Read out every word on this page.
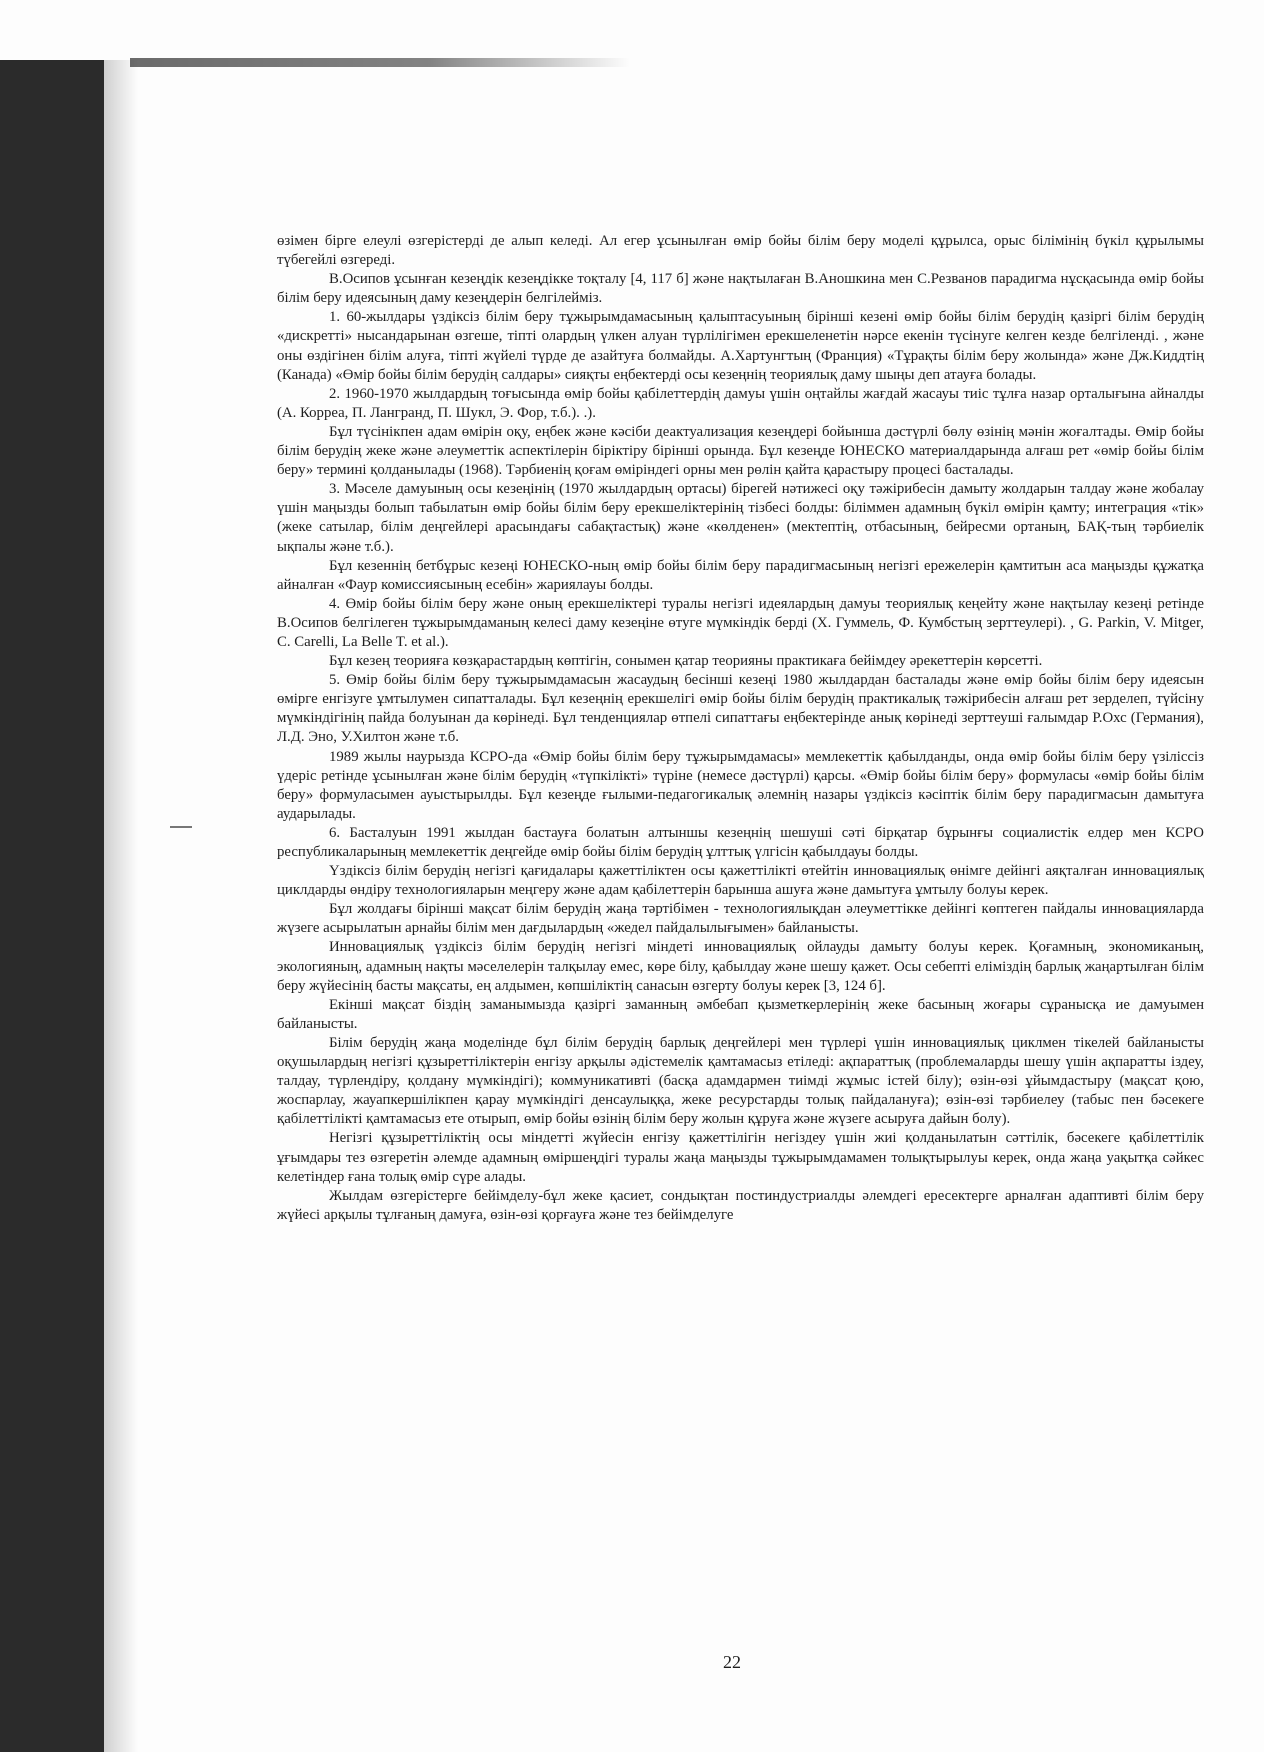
өзімен бірге елеулі өзгерістерді де алып келеді. Ал егер ұсынылған өмір бойы білім беру моделі құрылса, орыс білімінің бүкіл құрылымы түбегейлі өзгереді.

В.Осипов ұсынған кезеңдік кезеңдікке тоқталу [4, 117 б] және нақтылаған В.Аношкина мен С.Резванов парадигма нұсқасында өмір бойы білім беру идеясының даму кезеңдерін белгілейміз.

1. 60-жылдары үздіксіз білім беру тұжырымдамасының қалыптасуының бірінші кезені өмір бойы білім берудің қазіргі білім берудің «дискретті» нысандарынан өзгеше, тіпті олардың үлкен алуан түрлілігімен ерекшеленетін нәрсе екенін түсінуге келген кезде белгіленді. , және оны өздігінен білім алуға, тіпті жүйелі түрде де азайтуға болмайды. А.Хартунгтың (Франция) «Тұрақты білім беру жолында» және Дж.Киддтің (Канада) «Өмір бойы білім берудің салдары» сияқты еңбектерді осы кезеңнің теориялық даму шыңы деп атауға болады.

2. 1960-1970 жылдардың тоғысында өмір бойы қабілеттердің дамуы үшін оңтайлы жағдай жасауы тиіс тұлға назар орталығына айналды (А. Корреа, П. Лангранд, П. Шукл, Э. Фор, т.б.). .).

Бұл түсінікпен адам өмірін оқу, еңбек және кәсіби деактуализация кезеңдері бойынша дәстүрлі бөлу өзінің мәнін жоғалтады. Өмір бойы білім берудің жеке және әлеуметтік аспектілерін біріктіру бірінші орында. Бұл кезеңде ЮНЕСКО материалдарында алғаш рет «өмір бойы білім беру» термині қолданылады (1968). Тәрбиенің қоғам өміріндегі орны мен рөлін қайта қарастыру процесі басталады.

3. Мәселе дамуының осы кезеңінің (1970 жылдардың ортасы) бірегей нәтижесі оқу тәжірибесін дамыту жолдарын талдау және жобалау үшін маңызды болып табылатын өмір бойы білім беру ерекшеліктерінің тізбесі болды: біліммен адамның бүкіл өмірін қамту; интеграция «тік» (жеке сатылар, білім деңгейлері арасындағы сабақтастық) және «көлденен» (мектептің, отбасының, бейресми ортаның, БАҚ-тың тәрбиелік ықпалы және т.б.).

Бұл кезеннің бетбұрыс кезеңі ЮНЕСКО-ның өмір бойы білім беру парадигмасының негізгі ережелерін қамтитын аса маңызды құжатқа айналған «Фаур комиссиясының есебін» жариялауы болды.

4. Өмір бойы білім беру және оның ерекшеліктері туралы негізгі идеялардың дамуы теориялық кеңейту және нақтылау кезеңі ретінде В.Осипов белгілеген тұжырымдаманың келесі даму кезеңіне өтуге мүмкіндік берді (Х. Гуммель, Ф. Кумбстың зерттеулері). , G. Parkin, V. Mitger, C. Carelli, La Belle T. et al.).

Бұл кезең теорияға көзқарастардың көптігін, сонымен қатар теорияны практикаға бейімдеу әрекеттерін көрсетті.

5. Өмір бойы білім беру тұжырымдамасын жасаудың бесінші кезеңі 1980 жылдардан басталады және өмір бойы білім беру идеясын өмірге енгізуге ұмтылумен сипатталады. Бұл кезеңнің ерекшелігі өмір бойы білім берудің практикалық тәжірибесін алғаш рет зерделеп, түйсіну мүмкіндігінің пайда болуынан да көрінеді. Бұл тенденциялар өтпелі сипаттағы еңбектерінде анық көрінеді зерттеуші ғалымдар Р.Охс (Германия), Л.Д. Эно, У.Хилтон және т.б.

1989 жылы наурызда КСРО-да «Өмір бойы білім беру тұжырымдамасы» мемлекеттік қабылданды, онда өмір бойы білім беру үзіліссіз үдеріс ретінде ұсынылған және білім берудің «түпкілікті» түріне (немесе дәстүрлі) қарсы. «Өмір бойы білім беру» формуласы «өмір бойы білім беру» формуласымен ауыстырылды. Бұл кезеңде ғылыми-педагогикалық әлемнің назары үздіксіз кәсіптік білім беру парадигмасын дамытуға аударылады.

6. Басталуын 1991 жылдан бастауға болатын алтыншы кезеңнің шешуші сәті бірқатар бұрынғы социалистік елдер мен КСРО республикаларының мемлекеттік деңгейде өмір бойы білім берудің ұлттық үлгісін қабылдауы болды.

Үздіксіз білім берудің негізгі қағидалары қажеттіліктен осы қажеттілікті өтейтін инновациялық өнімге дейінгі аяқталған инновациялық циклдарды өндіру технологияларын меңгеру және адам қабілеттерін барынша ашуға және дамытуға ұмтылу болуы керек.

Бұл жолдағы бірінші мақсат білім берудің жаңа тәртібімен - технологиялықдан әлеуметтікке дейінгі көптеген пайдалы инновацияларда жүзеге асырылатын арнайы білім мен дағдылардың «жедел пайдалылығымен» байланысты.

Инновациялық үздіксіз білім берудің негізгі міндеті инновациялық ойлауды дамыту болуы керек. Қоғамның, экономиканың, экологияның, адамның нақты мәселелерін талқылау емес, көре білу, қабылдау және шешу қажет. Осы себепті еліміздің барлық жаңартылған білім беру жүйесінің басты мақсаты, ең алдымен, көпшіліктің санасын өзгерту болуы керек [3, 124 б].

Екінші мақсат біздің заманымызда қазіргі заманның әмбебап қызметкерлерінің жеке басының жоғары сұранысқа ие дамуымен байланысты.

Білім берудің жаңа моделінде бұл білім берудің барлық деңгейлері мен түрлері үшін инновациялық циклмен тікелей байланысты оқушылардың негізгі құзыреттіліктерін енгізу арқылы әдістемелік қамтамасыз етіледі: ақпараттық (проблемаларды шешу үшін ақпаратты іздеу, талдау, түрлендіру, қолдану мүмкіндігі); коммуникативті (басқа адамдармен тиімді жұмыс істей білу); өзін-өзі ұйымдастыру (мақсат қою, жоспарлау, жауапкершілікпен қарау мүмкіндігі денсаулыққа, жеке ресурстарды толық пайдалануға); өзін-өзі тәрбиелеу (табыс пен бәсекеге қабілеттілікті қамтамасыз ете отырып, өмір бойы өзінің білім беру жолын құруға және жүзеге асыруға дайын болу).

Негізгі құзыреттіліктің осы міндетті жүйесін енгізу қажеттілігін негіздеу үшін жиі қолданылатын сәттілік, бәсекеге қабілеттілік ұғымдары тез өзгеретін әлемде адамның өміршеңдігі туралы жаңа маңызды тұжырымдамамен толықтырылуы керек, онда жаңа уақытқа сәйкес келетіндер ғана толық өмір сүре алады.

Жылдам өзгерістерге бейімделу-бұл жеке қасиет, сондықтан постиндустриалды әлемдегі ересектерге арналған адаптивті білім беру жүйесі арқылы тұлғаның дамуға, өзін-өзі қорғауға және тез бейімделуге

22
